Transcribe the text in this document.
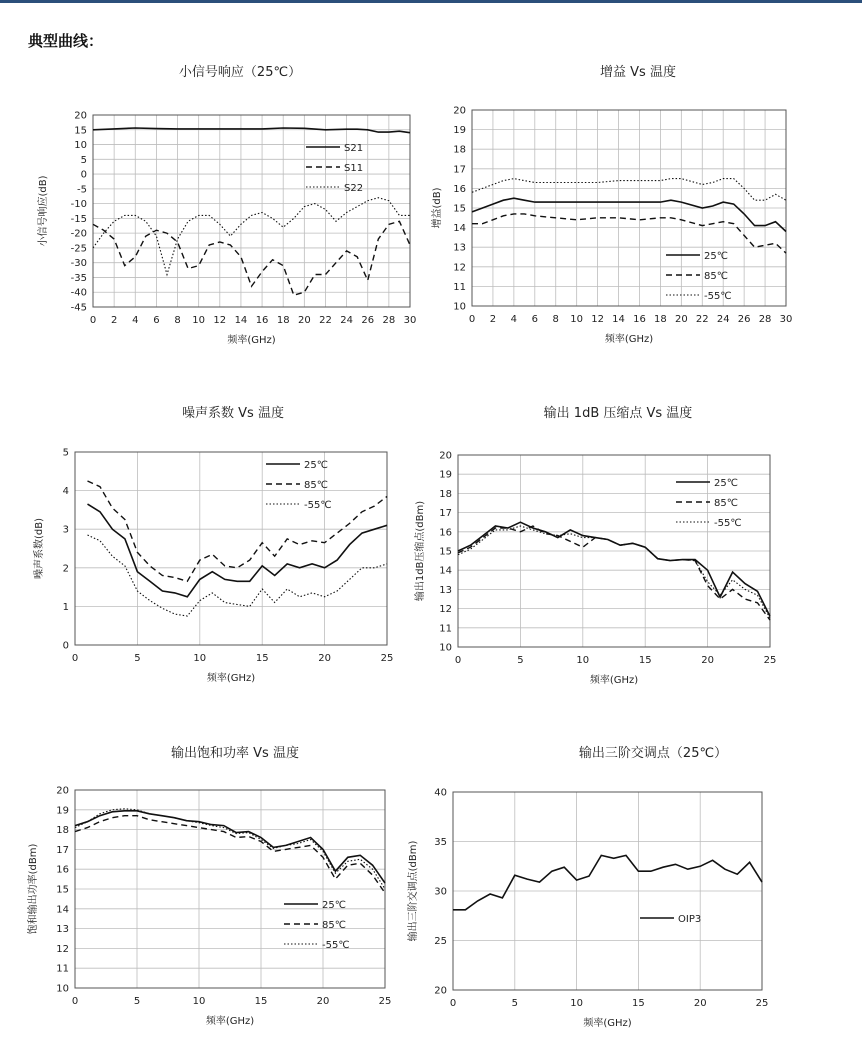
典型曲线：
小信号响应（25℃）	增益 Vs 温度
噪声系数 Vs 温度	输出 1dB 压缩点 Vs 温度
输出饱和功率 Vs 温度	输出三阶交调点（25℃）
0 2 4 6 8 10 12 14 16 18 20 22 24 26 28 30
-45
-40
-35
-30
-25
-20
-15
-10
-5
0
5
10
15
20
频率(GHz)
小信号响应(dB)
S21
S11
S22
0 2 4 6 8 10 12 14 16 18 20 22 24 26 28 30
10
11
12
13
14
15
16
17
18
19
20
频率(GHz)
增益(dB)
25℃
85℃
-55℃
0	5	10	15	20	25
0
1
2
3
4
5
频率(GHz)
噪声系数(dB)
25℃
85℃
-55℃
0	5	10	15	20	25
10
11
12
13
14
15
16
17
18
19
20
频率(GHz)
输出1dB压缩点(dBm)
25℃
85℃
-55℃
0	5	10	15	20	25
10
11
12
13
14
15
16
17
18
19
20
频率(GHz)
饱和输出功率(dBm)	25℃
85℃
-55℃
0	5	10	15	20	25
20
25
30
35
40
频率(GHz)
输出三阶交调点(dBm)	OIP3
